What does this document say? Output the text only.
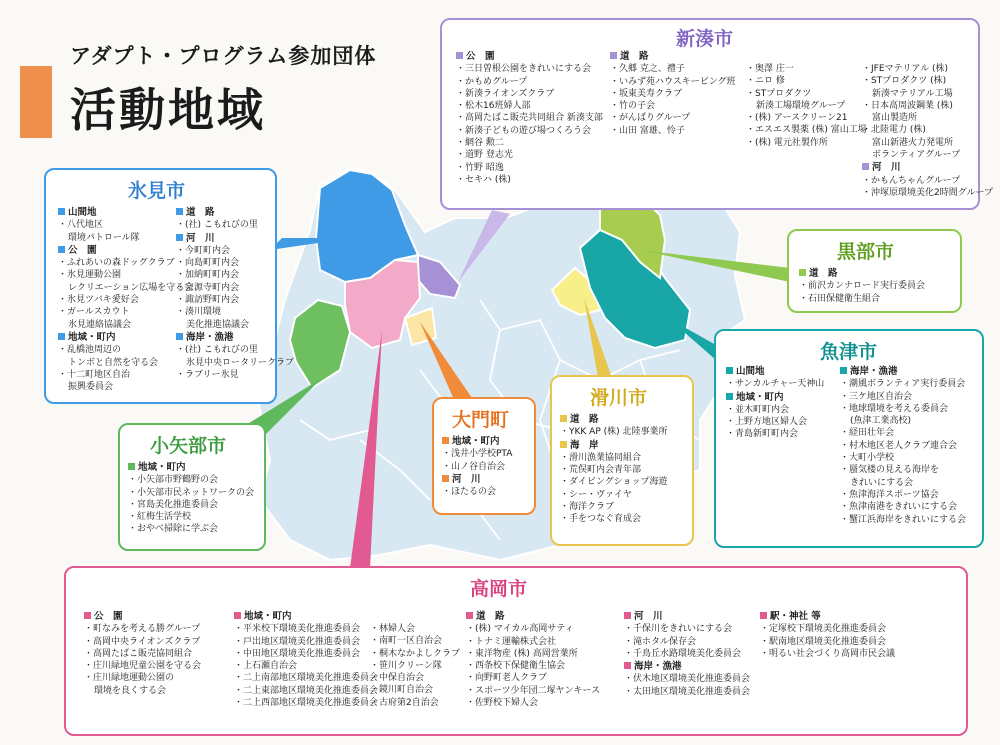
アダプト・プログラム参加団体
活動地域
氷見市
山間地
・八代地区
環境パトロール隊
公　園
・ふれあいの森ドッグクラブ
・氷見運動公園
レクリエーション広場を守る会
・氷見ツバキ愛好会
・ガールスカウト
氷見連絡協議会
地域・町内
・乱橋池周辺の
トンボと自然を守る会
・十二町地区自治
振興委員会
道　路
・(社) こもれびの里
河　川
・今町町内会
・向島町町内会
・加納町町内会
・宗源寺町内会
・諏訪野町内会
・湊川環境
美化推進協議会
海岸・漁港
・(社) こもれびの里
氷見中央ロータリークラブ
・ラブリー氷見
小矢部市
地域・町内
・小矢部市野鶴野の会
・小矢部市民ネットワークの会
・宮島美化推進委員会
・紅梅生活学校
・おやべ掃除に学ぶ会
大門町
地域・町内
・浅井小学校PTA
・山ノ谷自治会
河　川
・ほたるの会
滑川市
道　路
・YKK AP (株) 北陸事業所
海　岸
・滑川漁業協同組合
・荒俣町内会青年部
・ダイビングショップ海遊
・シー・ヴァイヤ
・海洋クラブ
・手をつなぐ育成会
黒部市
道　路
・前沢カンナロード実行委員会
・石田保健衛生組合
魚津市
山間地
・サンカルチャー天神山
地域・町内
・並木町町内会
・上野方地区婦人会
・青島新町町内会
海岸・漁港
・潮風ボランティア実行委員会
・三ケ地区自治会
・地球環境を考える委員会
(魚津工業高校)
・経田壮年会
・村木地区老人クラブ連合会
・大町小学校
・蜃気楼の見える海岸を
きれいにする会
・魚津海洋スポーツ協会
・魚津南港をきれいにする会
・蟹江浜海岸をきれいにする会
新湊市
公　園
・三日曽根公園をきれいにする会
・かもめグループ
・新湊ライオンズクラブ
・松木16班婦人部
・高岡たばこ販売共同組合 新湊支部
・新湊子どもの遊び場つくろう会
・網谷 勲二
・道野 登志光
・竹野 昭逸
・セキハ (株)
道　路
・久郷 克之、禮子
・いみず苑ハウスキーピング班
・坂東美寿クラブ
・竹の子会
・がんばりグループ
・山田 富雄、怜子
・奥澤 庄一
・ニロ 修
・STプロダクツ
新湊工場環境グループ
・(株) アースクリーン21
・エスエス製薬 (株) 富山工場
・(株) 電元社製作所
・JFEマテリアル (株)
・STプロダクツ (株)
新湊マテリアル工場
・日本高周波鋼業 (株)
富山製造所
・北陸電力 (株)
富山新港火力発電所
ボランティアグループ
河　川
・かもんちゃんグループ
・沖塚原環境美化2時間グループ
高岡市
公　園
・町なみを考える勝グループ
・高岡中央ライオンズクラブ
・高岡たばこ販売協同組合
・庄川緑地児童公園を守る会
・庄川緑地運動公園の
環境を良くする会
地域・町内
・平米校下環境美化推進委員会
・戸出地区環境美化推進委員会
・中田地区環境美化推進委員会
・上石瀬自治会
・二上南部地区環境美化推進委員会
・二上東部地区環境美化推進委員会
・二上西部地区環境美化推進委員会
・林婦人会
・南町一区自治会
・桐木なかよしクラブ
・笹川クリーン隊
・中保自治会
・鏡川町自治会
・古府第2自治会
道　路
・(株) マイカル高岡サティ
・トナミ運輸株式会社
・東洋物産 (株) 高岡営業所
・西条校下保健衛生協会
・向野町老人クラブ
・スポーツ少年団二塚ヤンキース
・佐野校下婦人会
河　川
・千保川をきれいにする会
・滝ホタル保存会
・千鳥丘水路環境美化委員会
海岸・漁港
・伏木地区環境美化推進委員会
・太田地区環境美化推進委員会
駅・神社 等
・定塚校下環境美化推進委員会
・駅南地区環境美化推進委員会
・明るい社会づくり高岡市民会議
